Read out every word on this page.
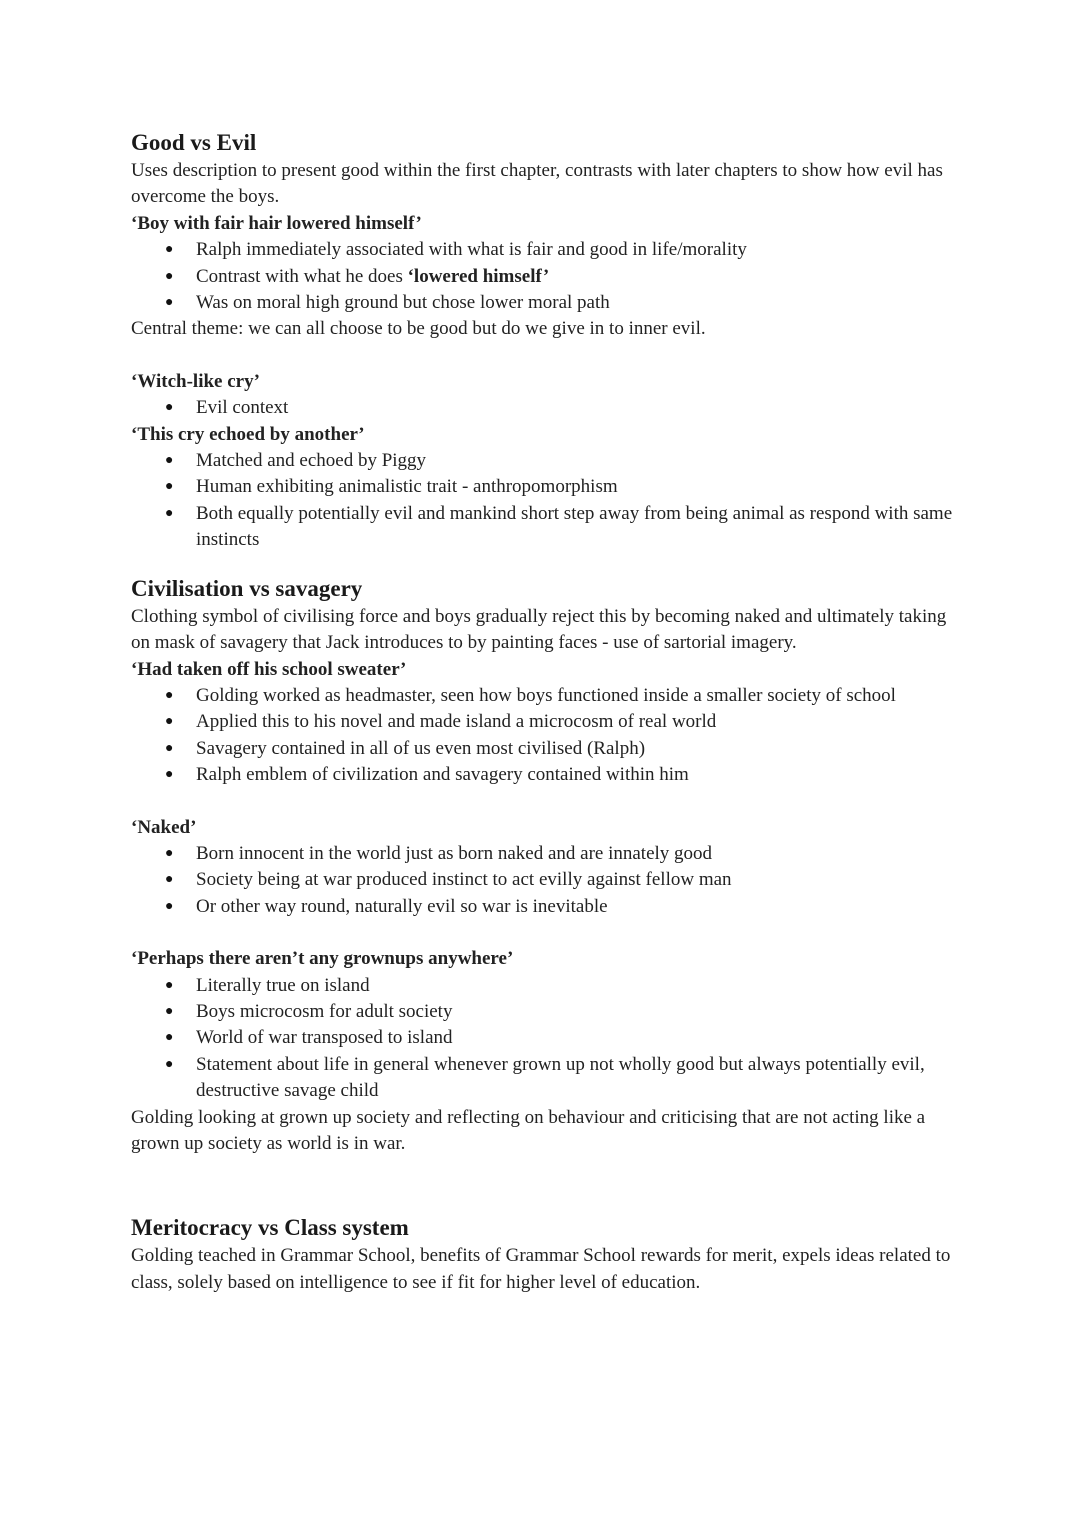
Good vs Evil

Uses description to present good within the first chapter, contrasts with later chapters to show how evil has overcome the boys.

‘Boy with fair hair lowered himself’

● Ralph immediately associated with what is fair and good in life/morality
● Contrast with what he does ‘lowered himself’
● Was on moral high ground but chose lower moral path

Central theme: we can all choose to be good but do we give in to inner evil.

‘Witch-like cry’

● Evil context

‘This cry echoed by another’

● Matched and echoed by Piggy
● Human exhibiting animalistic trait - anthropomorphism
● Both equally potentially evil and mankind short step away from being animal as respond with same instincts
Civilisation vs savagery

Clothing symbol of civilising force and boys gradually reject this by becoming naked and ultimately taking on mask of savagery that Jack introduces to by painting faces - use of sartorial imagery.

‘Had taken off his school sweater’

● Golding worked as headmaster, seen how boys functioned inside a smaller society of school
● Applied this to his novel and made island a microcosm of real world
● Savagery contained in all of us even most civilised (Ralph)
● Ralph emblem of civilization and savagery contained within him

‘Naked’

● Born innocent in the world just as born naked and are innately good
● Society being at war produced instinct to act evilly against fellow man
● Or other way round, naturally evil so war is inevitable

‘Perhaps there aren’t any grownups anywhere’

● Literally true on island
● Boys microcosm for adult society
● World of war transposed to island
● Statement about life in general whenever grown up not wholly good but always potentially evil, destructive savage child

Golding looking at grown up society and reflecting on behaviour and criticising that are not acting like a grown up society as world is in war.

Meritocracy vs Class system

Golding teached in Grammar School, benefits of Grammar School rewards for merit, expels ideas related to class, solely based on intelligence to see if fit for higher level of education.
